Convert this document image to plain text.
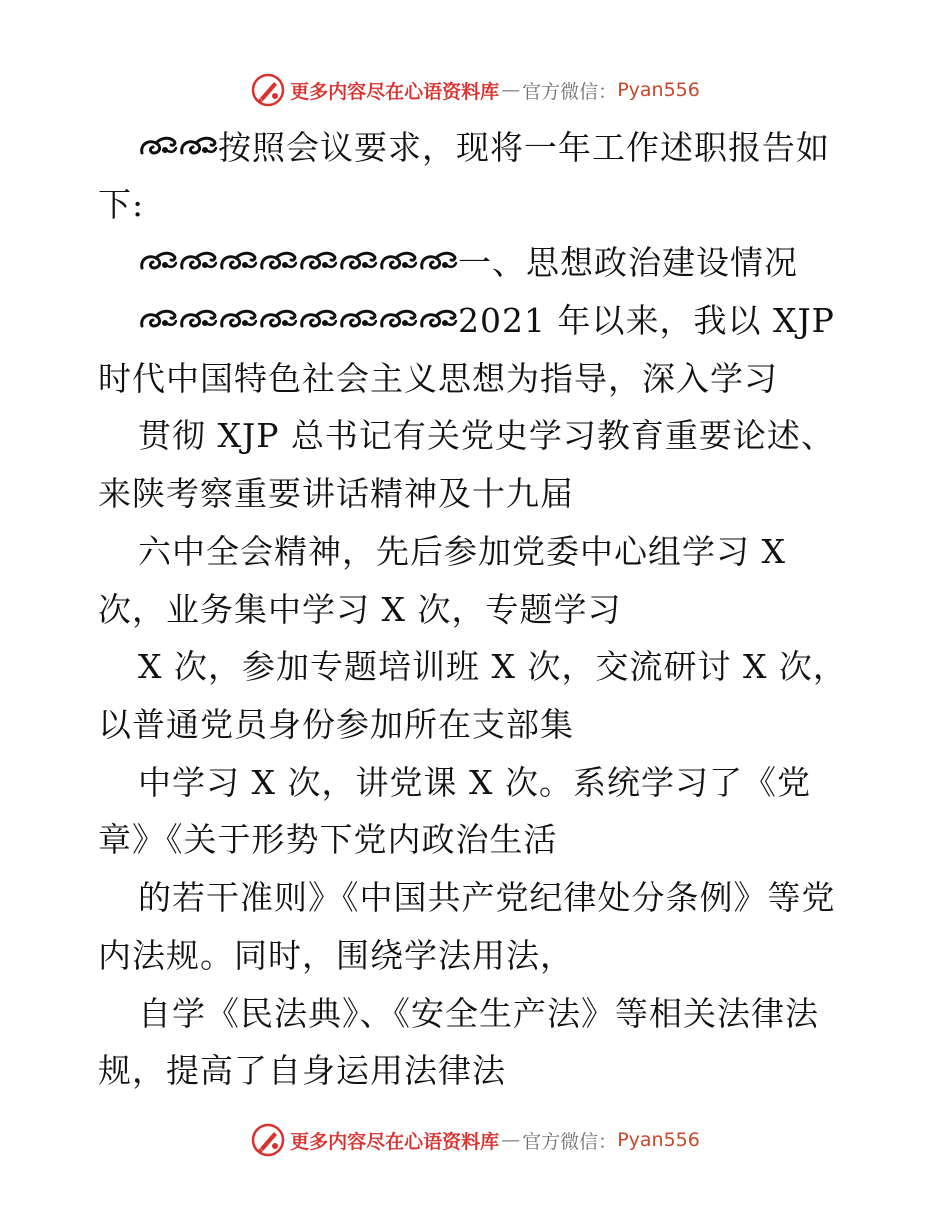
更多内容尽在心语资料库 — 官方微信： Pyan556
按照会议要求，现将一年工作述职报告如
下:
一、思想政治建设情况
2021 年以来，我以 XJP
时代中国特色社会主义思想为指导，深入学习
贯彻 XJP 总书记有关党史学习教育重要论述、
来陕考察重要讲话精神及十九届
六中全会精神，先后参加党委中心组学习 X
次，业务集中学习 X 次，专题学习
X 次，参加专题培训班 X 次，交流研讨 X 次，
以普通党员身份参加所在支部集
中学习 X 次，讲党课 X 次。系统学习了《党
章》《关于形势下党内政治生活
的若干准则》《中国共产党纪律处分条例》等党
内法规。同时，围绕学法用法，
自学《民法典》、《安全生产法》等相关法律法
规，提高了自身运用法律法
更多内容尽在心语资料库 — 官方微信： Pyan556
